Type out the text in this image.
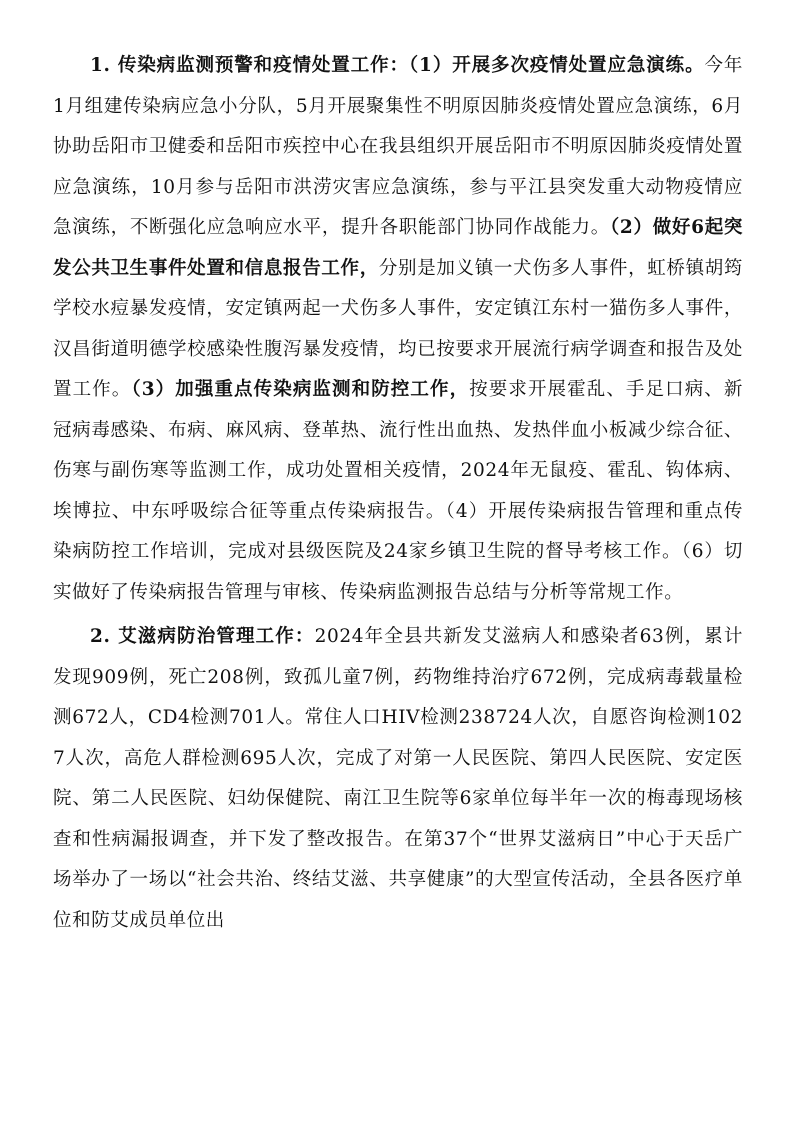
1. 传染病监测预警和疫情处置工作：（1）开展多次疫情处置应急演练。今年1月组建传染病应急小分队，5月开展聚集性不明原因肺炎疫情处置应急演练，6月协助岳阳市卫健委和岳阳市疾控中心在我县组织开展岳阳市不明原因肺炎疫情处置应急演练，10月参与岳阳市洪涝灾害应急演练，参与平江县突发重大动物疫情应急演练，不断强化应急响应水平，提升各职能部门协同作战能力。（2）做好6起突发公共卫生事件处置和信息报告工作，分别是加义镇一犬伤多人事件，虹桥镇胡筠学校水痘暴发疫情，安定镇两起一犬伤多人事件，安定镇江东村一猫伤多人事件，汉昌街道明德学校感染性腹泻暴发疫情，均已按要求开展流行病学调查和报告及处置工作。（3）加强重点传染病监测和防控工作，按要求开展霍乱、手足口病、新冠病毒感染、布病、麻风病、登革热、流行性出血热、发热伴血小板减少综合征、伤寒与副伤寒等监测工作，成功处置相关疫情，2024年无鼠疫、霍乱、钩体病、埃博拉、中东呼吸综合征等重点传染病报告。（4）开展传染病报告管理和重点传染病防控工作培训，完成对县级医院及24家乡镇卫生院的督导考核工作。（6）切实做好了传染病报告管理与审核、传染病监测报告总结与分析等常规工作。

2. 艾滋病防治管理工作：2024年全县共新发艾滋病人和感染者63例，累计发现909例，死亡208例，致孤儿童7例，药物维持治疗672例，完成病毒载量检测672人，CD4检测701人。常住人口HIV检测238724人次，自愿咨询检测1027人次，高危人群检测695人次，完成了对第一人民医院、第四人民医院、安定医院、第二人民医院、妇幼保健院、南江卫生院等6家单位每半年一次的梅毒现场核查和性病漏报调查，并下发了整改报告。在第37个“世界艾滋病日”中心于天岳广场举办了一场以“社会共治、终结艾滋、共享健康”的大型宣传活动，全县各医疗单位和防艾成员单位出
